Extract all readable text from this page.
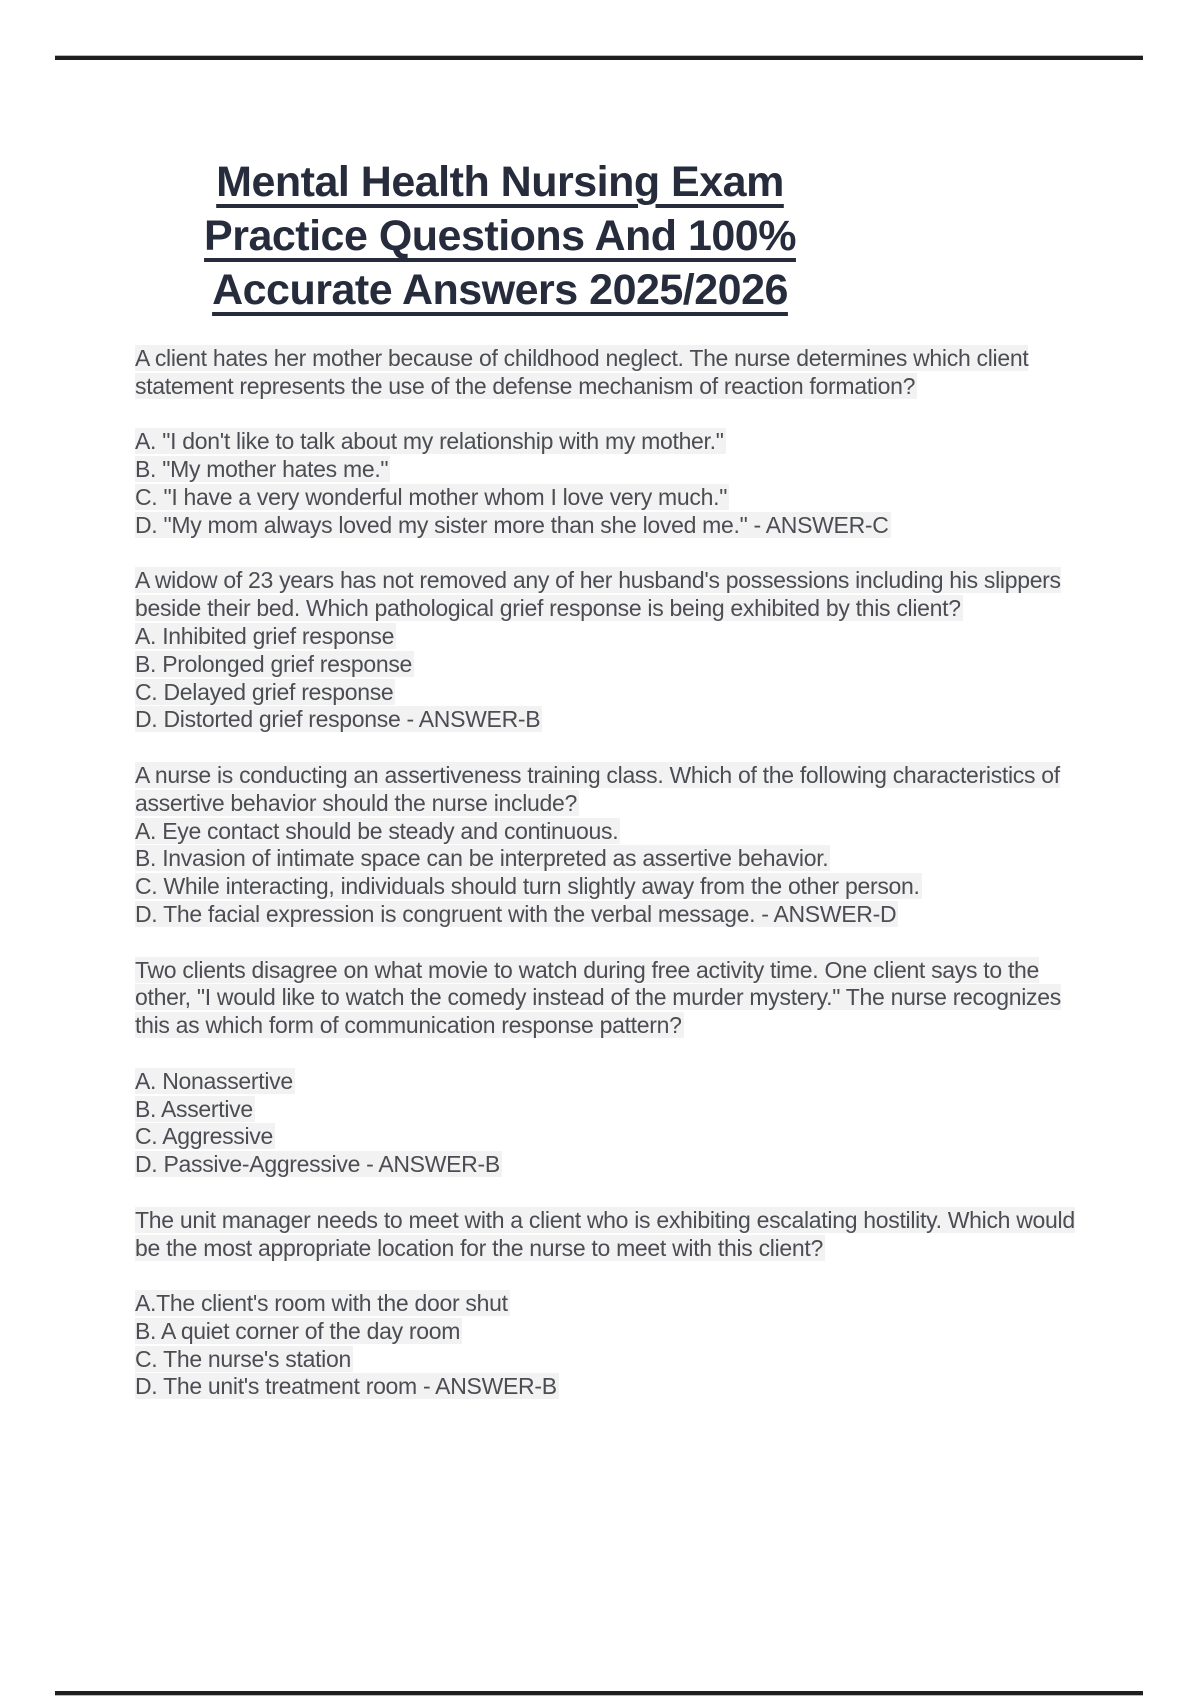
Mental Health Nursing Exam
Practice Questions And 100%
Accurate Answers 2025/2026
A client hates her mother because of childhood neglect. The nurse determines which client statement represents the use of the defense mechanism of reaction formation?
A. "I don't like to talk about my relationship with my mother."
B. "My mother hates me."
C. "I have a very wonderful mother whom I love very much."
D. "My mom always loved my sister more than she loved me." - ANSWER-C
A widow of 23 years has not removed any of her husband's possessions including his slippers beside their bed. Which pathological grief response is being exhibited by this client?
A. Inhibited grief response
B. Prolonged grief response
C. Delayed grief response
D. Distorted grief response - ANSWER-B
A nurse is conducting an assertiveness training class. Which of the following characteristics of assertive behavior should the nurse include?
A. Eye contact should be steady and continuous.
B. Invasion of intimate space can be interpreted as assertive behavior.
C. While interacting, individuals should turn slightly away from the other person.
D. The facial expression is congruent with the verbal message. - ANSWER-D
Two clients disagree on what movie to watch during free activity time. One client says to the other, "I would like to watch the comedy instead of the murder mystery." The nurse recognizes this as which form of communication response pattern?
A. Nonassertive
B. Assertive
C. Aggressive
D. Passive-Aggressive - ANSWER-B
The unit manager needs to meet with a client who is exhibiting escalating hostility. Which would be the most appropriate location for the nurse to meet with this client?
A.The client's room with the door shut
B. A quiet corner of the day room
C. The nurse's station
D. The unit's treatment room - ANSWER-B
